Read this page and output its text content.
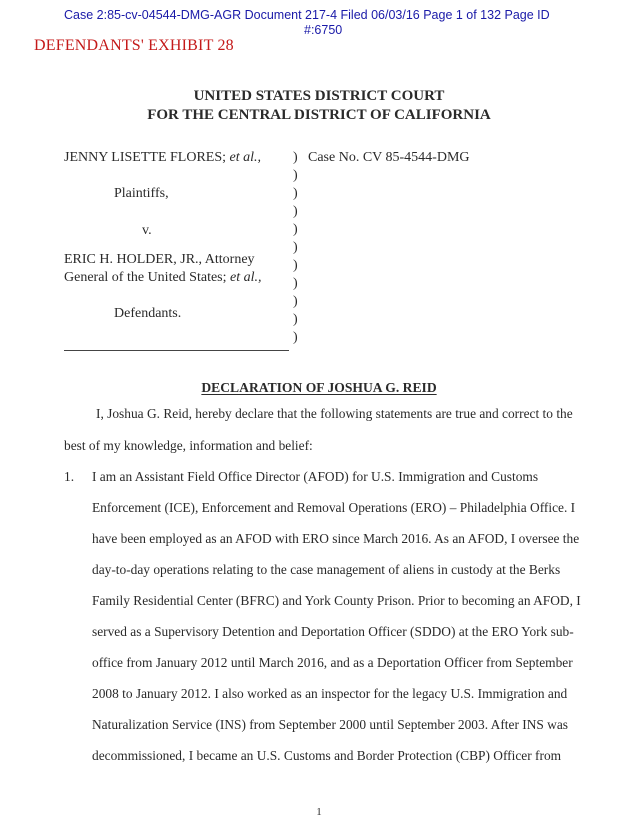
Case 2:85-cv-04544-DMG-AGR Document 217-4 Filed 06/03/16 Page 1 of 132 Page ID
#:6750
DEFENDANTS' EXHIBIT 28
UNITED STATES DISTRICT COURT
FOR THE CENTRAL DISTRICT OF CALIFORNIA
JENNY LISETTE FLORES; et al.,
Plaintiffs,
v.
ERIC H. HOLDER, JR., Attorney
General of the United States; et al.,
Defendants.
)
)
)
)
)
)
)
)
)
)
)
Case No. CV 85-4544-DMG
DECLARATION OF JOSHUA G. REID
I, Joshua G. Reid, hereby declare that the following statements are true and correct to the
best of my knowledge, information and belief:
1. I am an Assistant Field Office Director (AFOD) for U.S. Immigration and Customs
Enforcement (ICE), Enforcement and Removal Operations (ERO) – Philadelphia Office. I
have been employed as an AFOD with ERO since March 2016. As an AFOD, I oversee the
day-to-day operations relating to the case management of aliens in custody at the Berks
Family Residential Center (BFRC) and York County Prison. Prior to becoming an AFOD, I
served as a Supervisory Detention and Deportation Officer (SDDO) at the ERO York sub-
office from January 2012 until March 2016, and as a Deportation Officer from September
2008 to January 2012. I also worked as an inspector for the legacy U.S. Immigration and
Naturalization Service (INS) from September 2000 until September 2003. After INS was
decommissioned, I became an U.S. Customs and Border Protection (CBP) Officer from
1
